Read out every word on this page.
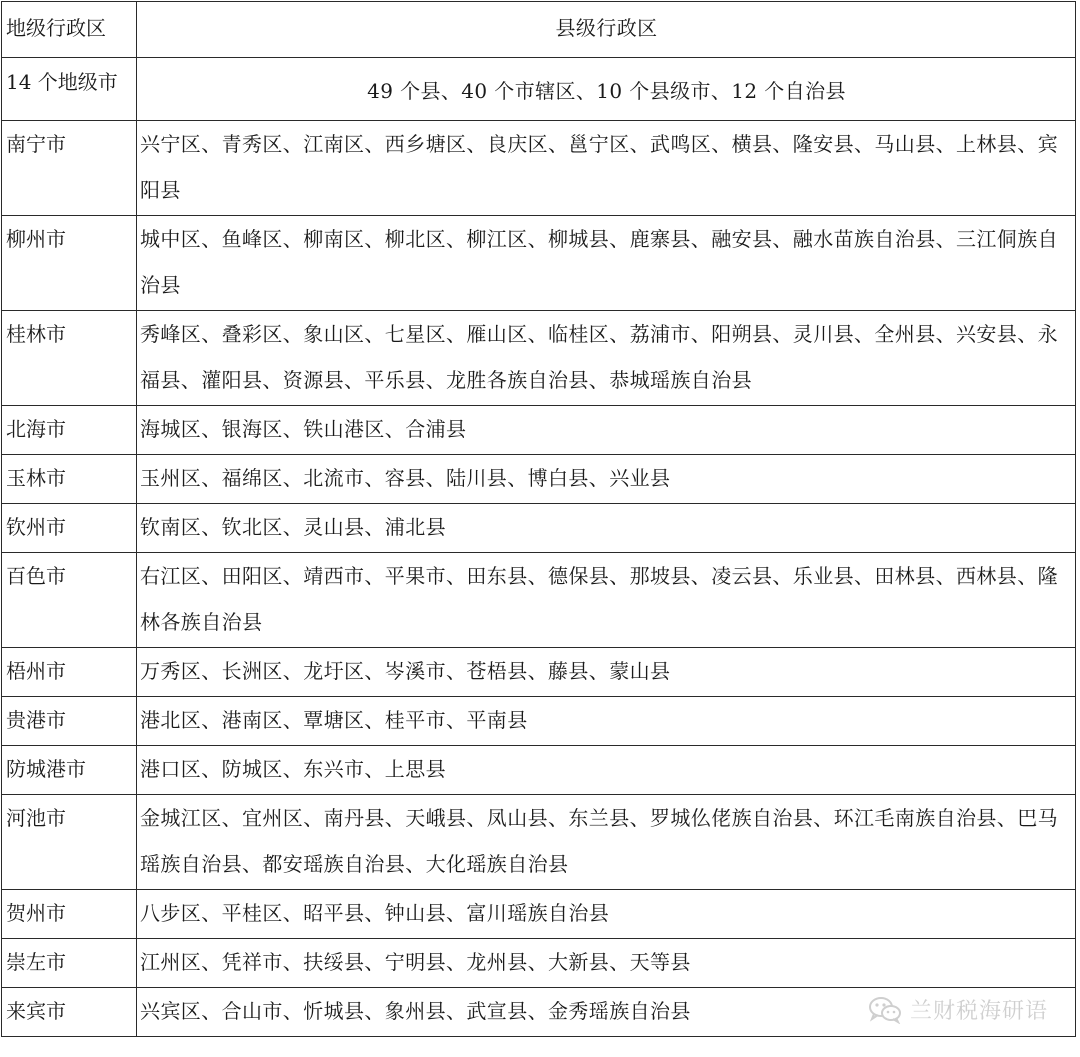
地级行政区	县级行政区
14 个地级市	49 个县、40 个市辖区、10 个县级市、12 个自治县
南宁市	兴宁区、青秀区、江南区、西乡塘区、良庆区、邕宁区、武鸣区、横县、隆安县、马山县、上林县、宾阳县
柳州市	城中区、鱼峰区、柳南区、柳北区、柳江区、柳城县、鹿寨县、融安县、融水苗族自治县、三江侗族自治县
桂林市	秀峰区、叠彩区、象山区、七星区、雁山区、临桂区、荔浦市、阳朔县、灵川县、全州县、兴安县、永福县、灌阳县、资源县、平乐县、龙胜各族自治县、恭城瑶族自治县
北海市	海城区、银海区、铁山港区、合浦县
玉林市	玉州区、福绵区、北流市、容县、陆川县、博白县、兴业县
钦州市	钦南区、钦北区、灵山县、浦北县
百色市	右江区、田阳区、靖西市、平果市、田东县、德保县、那坡县、凌云县、乐业县、田林县、西林县、隆林各族自治县
梧州市	万秀区、长洲区、龙圩区、岑溪市、苍梧县、藤县、蒙山县
贵港市	港北区、港南区、覃塘区、桂平市、平南县
防城港市	港口区、防城区、东兴市、上思县
河池市	金城江区、宜州区、南丹县、天峨县、凤山县、东兰县、罗城仫佬族自治县、环江毛南族自治县、巴马瑶族自治县、都安瑶族自治县、大化瑶族自治县
贺州市	八步区、平桂区、昭平县、钟山县、富川瑶族自治县
崇左市	江州区、凭祥市、扶绥县、宁明县、龙州县、大新县、天等县
来宾市	兴宾区、合山市、忻城县、象州县、武宣县、金秀瑶族自治县	兰财税海研语
